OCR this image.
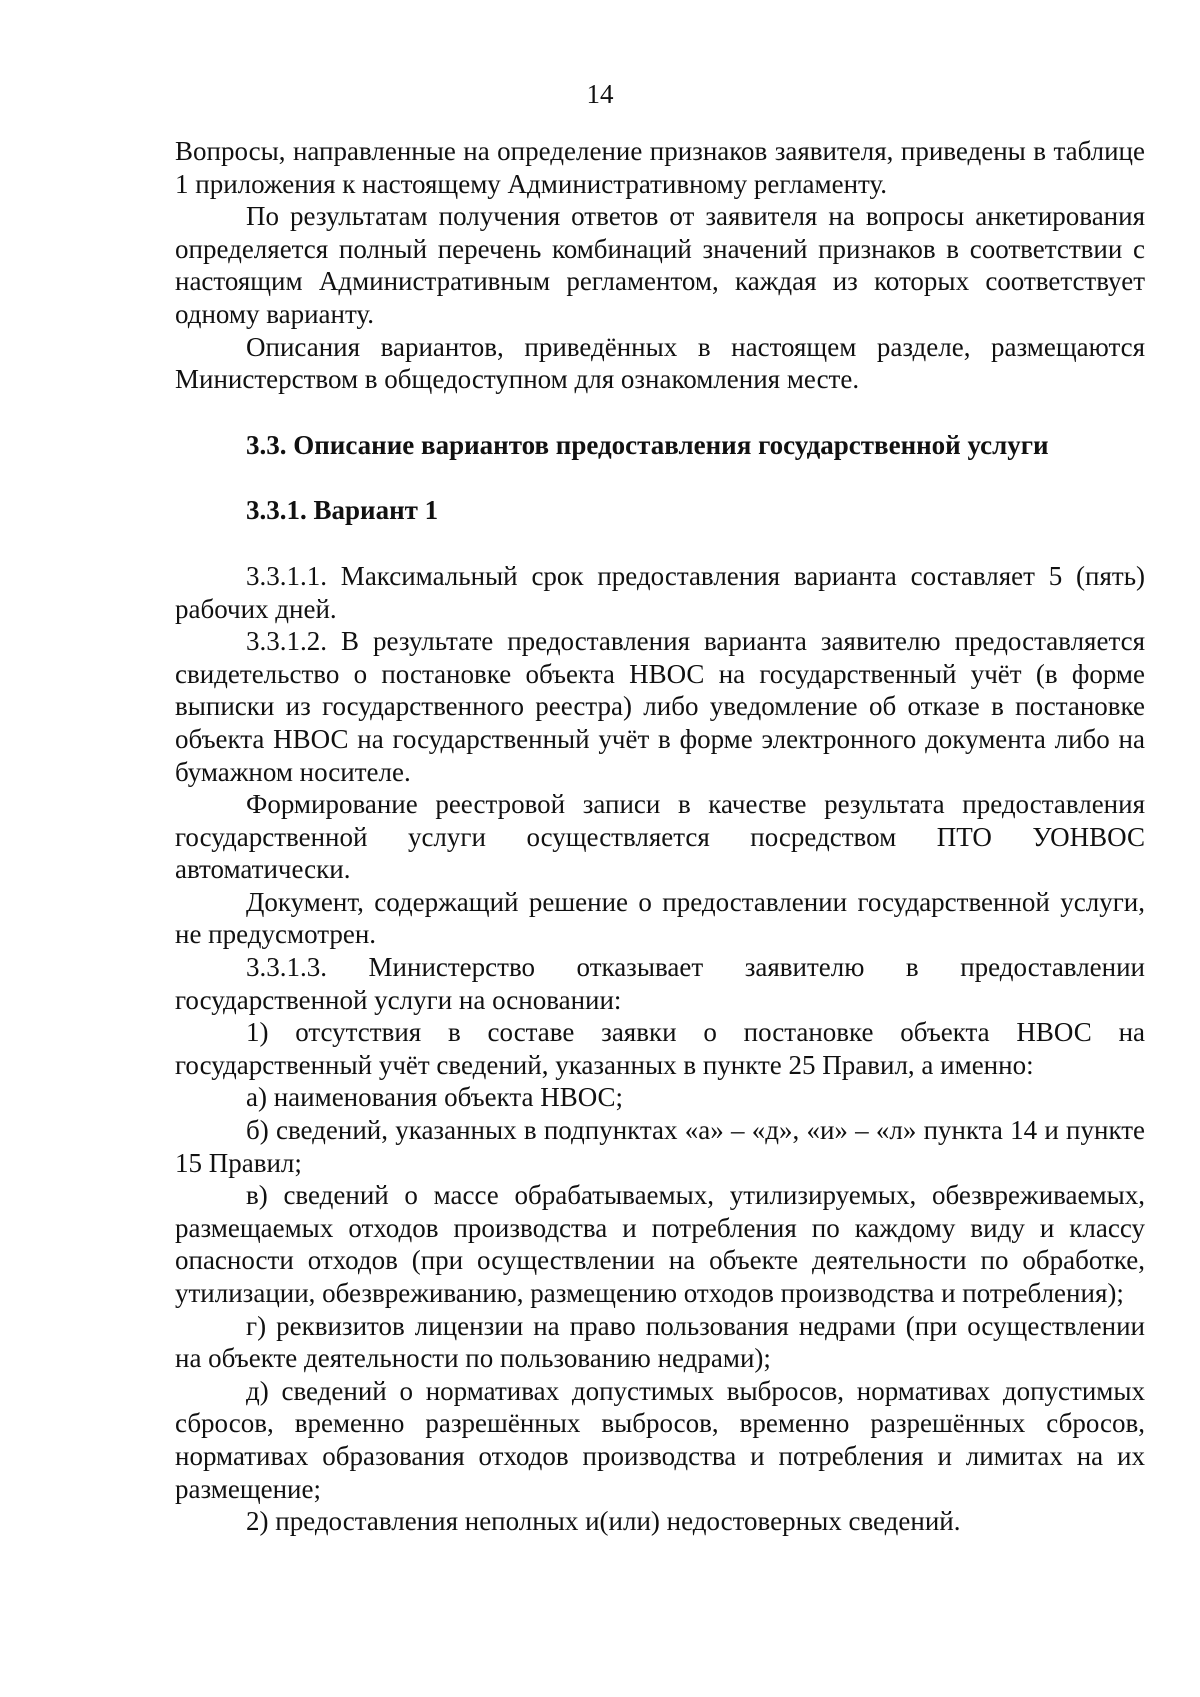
14

Вопросы, направленные на определение признаков заявителя, приведены в таблице 1 приложения к настоящему Административному регламенту.

По результатам получения ответов от заявителя на вопросы анкетирования определяется полный перечень комбинаций значений признаков в соответствии с настоящим Административным регламентом, каждая из которых соответствует одному варианту.

Описания вариантов, приведённых в настоящем разделе, размещаются Министерством в общедоступном для ознакомления месте.

3.3. Описание вариантов предоставления государственной услуги
3.3.1. Вариант 1

3.3.1.1. Максимальный срок предоставления варианта составляет 5 (пять) рабочих дней.

3.3.1.2. В результате предоставления варианта заявителю предоставляется свидетельство о постановке объекта НВОС на государственный учёт (в форме выписки из государственного реестра) либо уведомление об отказе в постановке объекта НВОС на государственный учёт в форме электронного документа либо на бумажном носителе.

Формирование реестровой записи в качестве результата предоставления государственной услуги осуществляется посредством ПТО УОНВОС автоматически.

Документ, содержащий решение о предоставлении государственной услуги, не предусмотрен.

3.3.1.3. Министерство отказывает заявителю в предоставлении государственной услуги на основании:

1) отсутствия в составе заявки о постановке объекта НВОС на государственный учёт сведений, указанных в пункте 25 Правил, а именно:

а) наименования объекта НВОС;

б) сведений, указанных в подпунктах «а» – «д», «и» – «л» пункта 14 и пункте 15 Правил;

в) сведений о массе обрабатываемых, утилизируемых, обезвреживаемых, размещаемых отходов производства и потребления по каждому виду и классу опасности отходов (при осуществлении на объекте деятельности по обработке, утилизации, обезвреживанию, размещению отходов производства и потребления);

г) реквизитов лицензии на право пользования недрами (при осуществлении на объекте деятельности по пользованию недрами);

д) сведений о нормативах допустимых выбросов, нормативах допустимых сбросов, временно разрешённых выбросов, временно разрешённых сбросов, нормативах образования отходов производства и потребления и лимитах на их размещение;

2) предоставления неполных и(или) недостоверных сведений.
